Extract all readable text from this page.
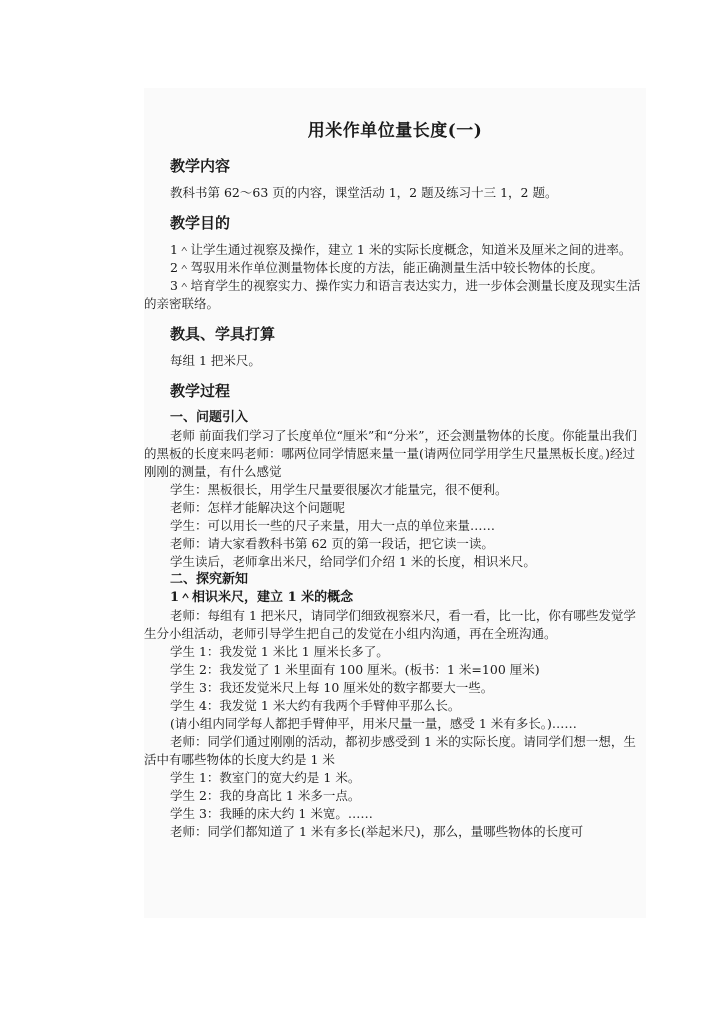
用米作单位量长度(一)
教学内容

教科书第 62～63 页的内容，课堂活动 1，2 题及练习十三 1，2 题。

教学目的

1＾让学生通过视察及操作，建立 1 米的实际长度概念，知道米及厘米之间的进率。

2＾驾驭用米作单位测量物体长度的方法，能正确测量生活中较长物体的长度。

3＾培育学生的视察实力、操作实力和语言表达实力，进一步体会测量长度及现实生活的亲密联络。

教具、学具打算

每组 1 把米尺。

教学过程
一、问题引入

老师 前面我们学习了长度单位“厘米”和“分米”，还会测量物体的长度。你能量出我们的黑板的长度来吗老师：哪两位同学情愿来量一量(请两位同学用学生尺量黑板长度。)经过刚刚的测量，有什么感觉

学生：黑板很长，用学生尺量要很屡次才能量完，很不便利。

老师：怎样才能解决这个问题呢

学生：可以用长一些的尺子来量，用大一点的单位来量……

老师：请大家看教科书第 62 页的第一段话，把它读一读。

学生读后，老师拿出米尺，给同学们介绍 1 米的长度，相识米尺。

二、探究新知
1＾相识米尺，建立 1 米的概念

老师：每组有 1 把米尺，请同学们细致视察米尺，看一看，比一比，你有哪些发觉学生分小组活动，老师引导学生把自己的发觉在小组内沟通，再在全班沟通。

学生 1：我发觉 1 米比 1 厘米长多了。

学生 2：我发觉了 1 米里面有 100 厘米。(板书：1 米=100 厘米)

学生 3：我还发觉米尺上每 10 厘米处的数字都要大一些。

学生 4：我发觉 1 米大约有我两个手臂伸平那么长。

(请小组内同学每人都把手臂伸平，用米尺量一量，感受 1 米有多长。)……

老师：同学们通过刚刚的活动，都初步感受到 1 米的实际长度。请同学们想一想，生活中有哪些物体的长度大约是 1 米

学生 1：教室门的宽大约是 1 米。

学生 2：我的身高比 1 米多一点。

学生 3：我睡的床大约 1 米宽。……

老师：同学们都知道了 1 米有多长(举起米尺)，那么，量哪些物体的长度可
